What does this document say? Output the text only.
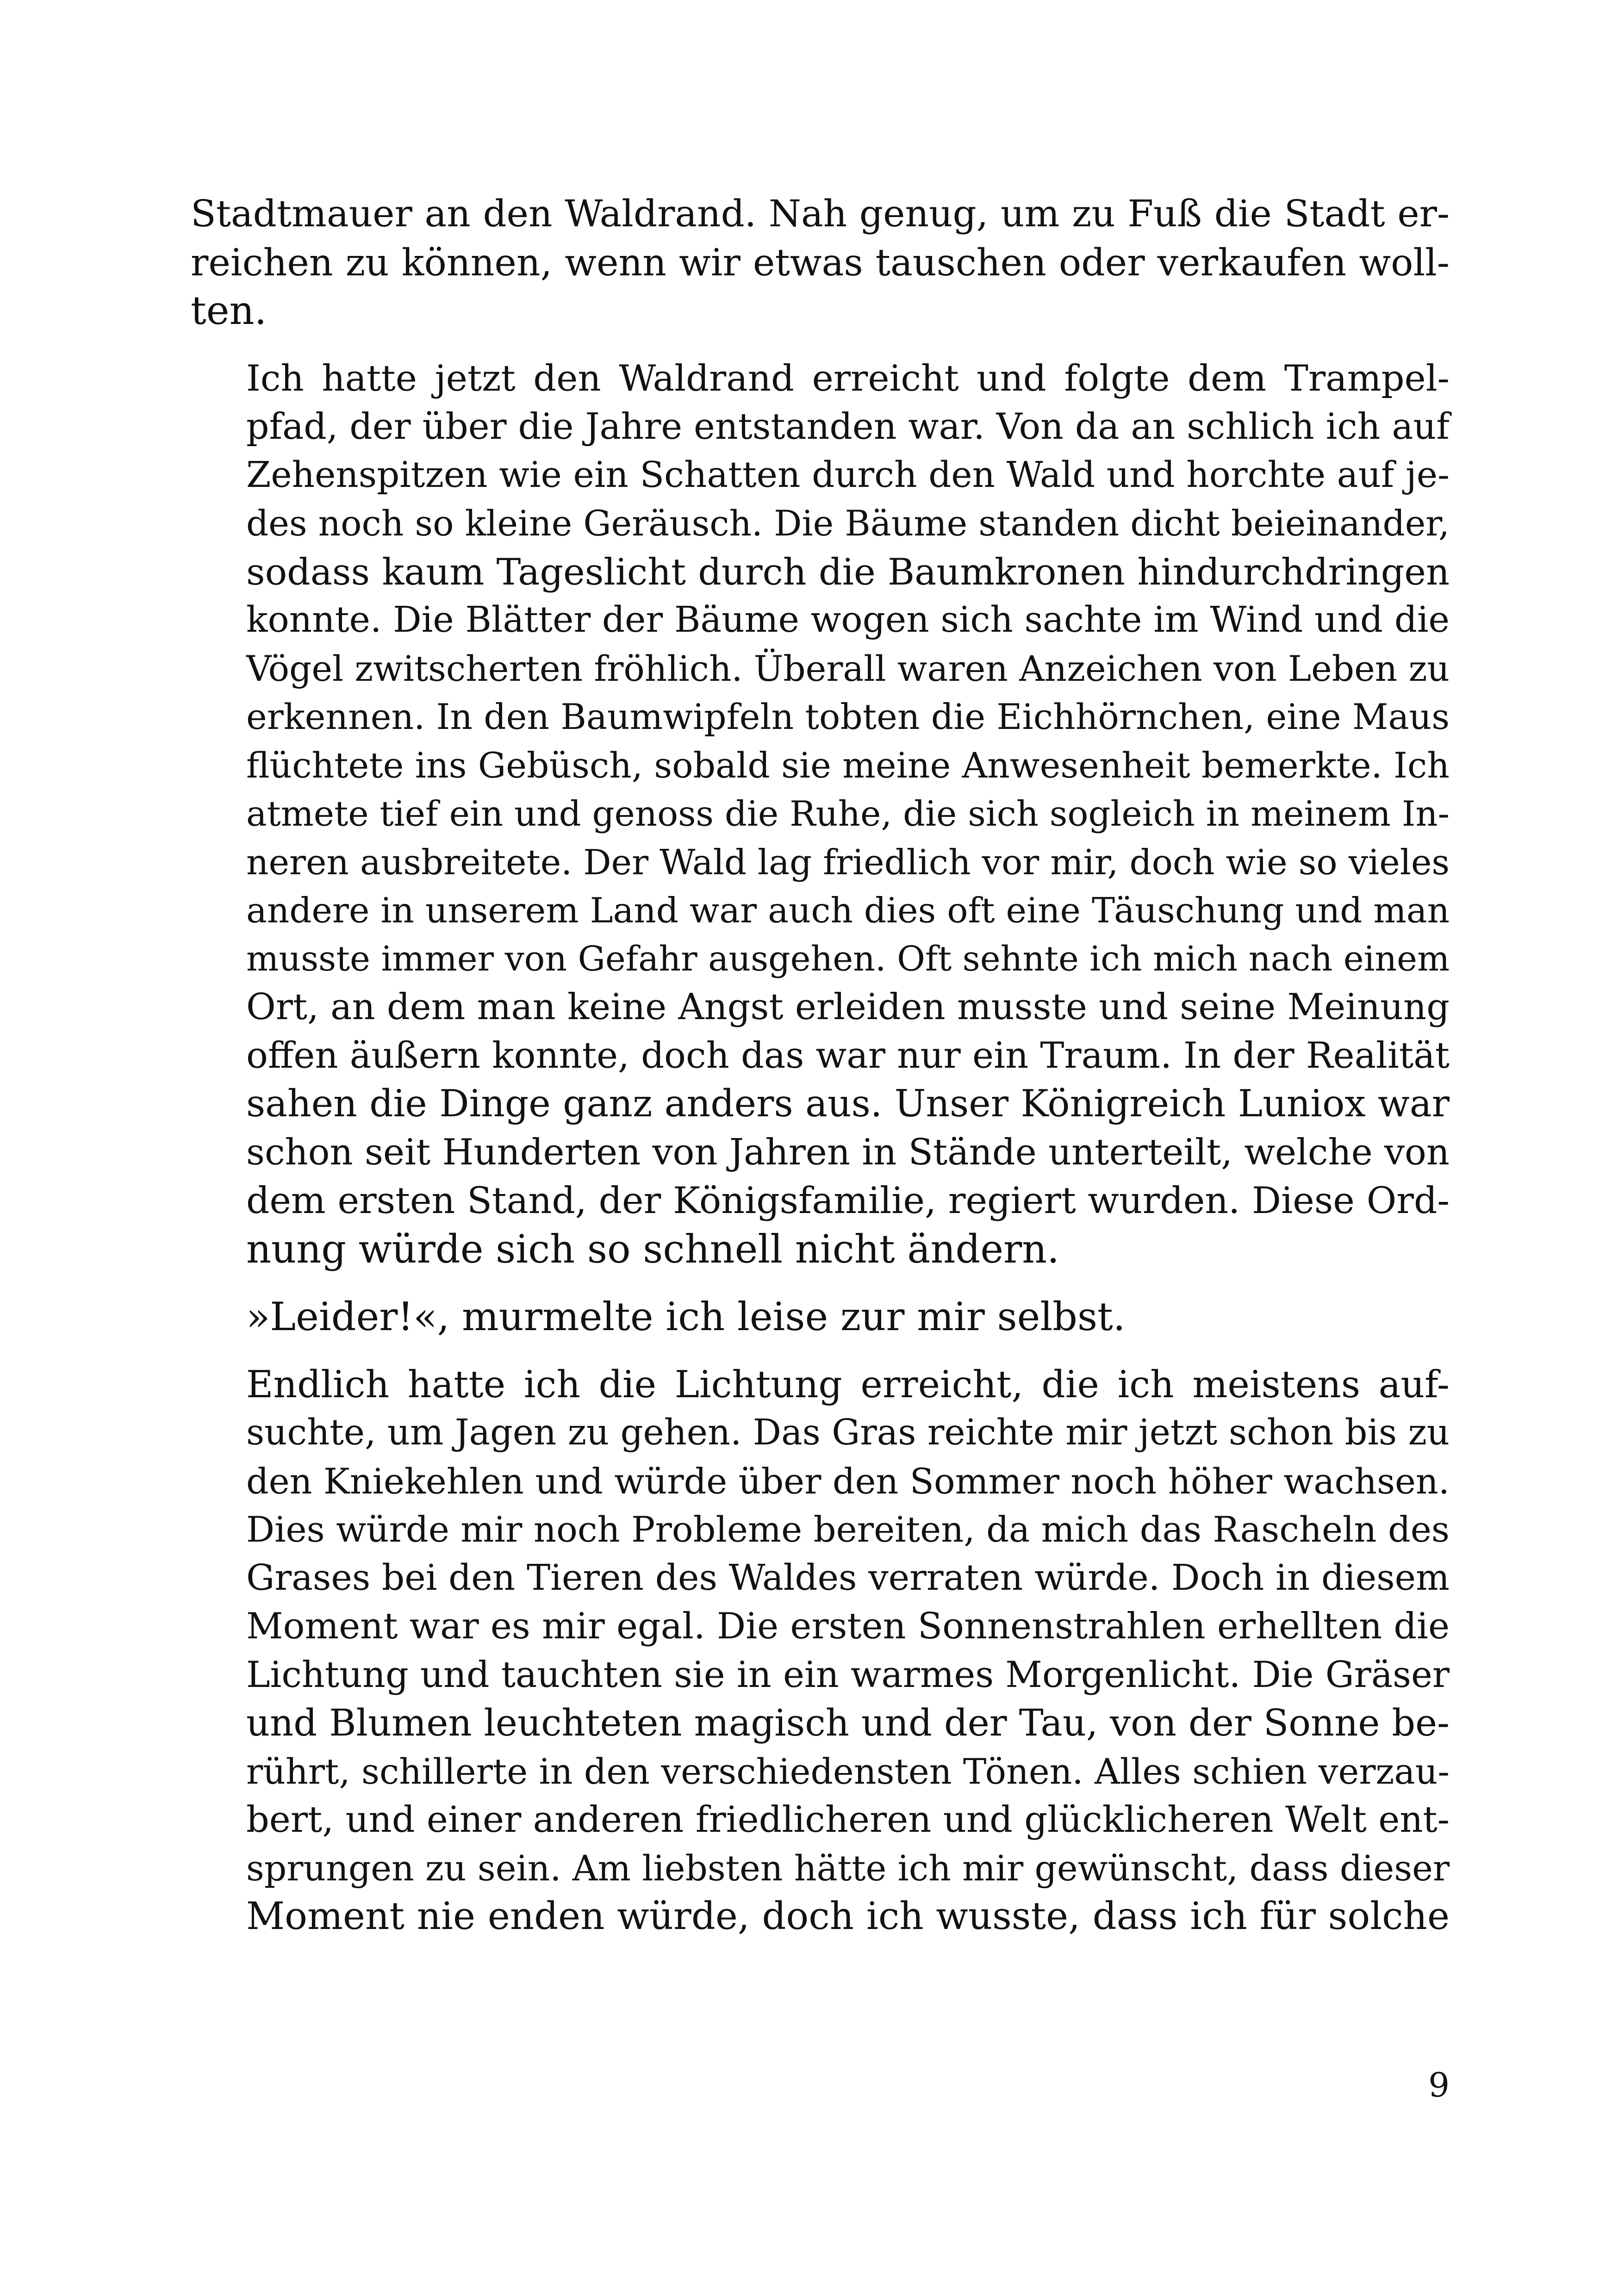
Stadtmauer an den Waldrand. Nah genug, um zu Fuß die Stadt er-
reichen zu können, wenn wir etwas tauschen oder verkaufen woll-
ten.

Ich hatte jetzt den Waldrand erreicht und folgte dem Trampel-
pfad, der über die Jahre entstanden war. Von da an schlich ich auf
Zehenspitzen wie ein Schatten durch den Wald und horchte auf je-
des noch so kleine Geräusch. Die Bäume standen dicht beieinander,
sodass kaum Tageslicht durch die Baumkronen hindurchdringen
konnte. Die Blätter der Bäume wogen sich sachte im Wind und die
Vögel zwitscherten fröhlich. Überall waren Anzeichen von Leben zu
erkennen. In den Baumwipfeln tobten die Eichhörnchen, eine Maus
flüchtete ins Gebüsch, sobald sie meine Anwesenheit bemerkte. Ich
atmete tief ein und genoss die Ruhe, die sich sogleich in meinem In-
neren ausbreitete. Der Wald lag friedlich vor mir, doch wie so vieles
andere in unserem Land war auch dies oft eine Täuschung und man
musste immer von Gefahr ausgehen. Oft sehnte ich mich nach einem
Ort, an dem man keine Angst erleiden musste und seine Meinung
offen äußern konnte, doch das war nur ein Traum. In der Realität
sahen die Dinge ganz anders aus. Unser Königreich Luniox war
schon seit Hunderten von Jahren in Stände unterteilt, welche von
dem ersten Stand, der Königsfamilie, regiert wurden. Diese Ord-
nung würde sich so schnell nicht ändern.

»Leider!«, murmelte ich leise zur mir selbst.

Endlich hatte ich die Lichtung erreicht, die ich meistens auf-
suchte, um Jagen zu gehen. Das Gras reichte mir jetzt schon bis zu
den Kniekehlen und würde über den Sommer noch höher wachsen.
Dies würde mir noch Probleme bereiten, da mich das Rascheln des
Grases bei den Tieren des Waldes verraten würde. Doch in diesem
Moment war es mir egal. Die ersten Sonnenstrahlen erhellten die
Lichtung und tauchten sie in ein warmes Morgenlicht. Die Gräser
und Blumen leuchteten magisch und der Tau, von der Sonne be-
rührt, schillerte in den verschiedensten Tönen. Alles schien verzau-
bert, und einer anderen friedlicheren und glücklicheren Welt ent-
sprungen zu sein. Am liebsten hätte ich mir gewünscht, dass dieser
Moment nie enden würde, doch ich wusste, dass ich für solche

9
